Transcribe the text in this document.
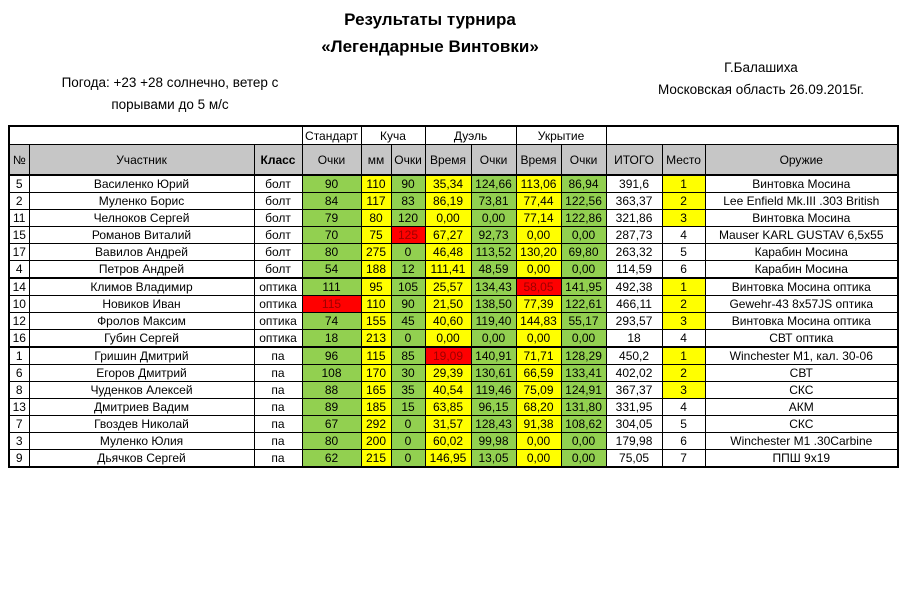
Результаты турнира
«Легендарные Винтовки»
Погода: +23 +28 солнечно, ветер с
порывами до 5 м/с
Г.Балашиха
Московская область 26.09.2015г.
			Стандарт	Куча		Дуэль		Укрытие				
№	Участник	Класс	Очки	мм	Очки	Время	Очки	Время	Очки	ИТОГО	Место	Оружие
5	Василенко Юрий	болт	90	110	90	35,34	124,66	113,06	86,94	391,6	1	Винтовка Мосина
2	Муленко Борис	болт	84	117	83	86,19	73,81	77,44	122,56	363,37	2	Lee Enfield Mk.III .303 British
11	Челноков Сергей	болт	79	80	120	0,00	0,00	77,14	122,86	321,86	3	Винтовка Мосина
15	Романов Виталий	болт	70	75	125	67,27	92,73	0,00	0,00	287,73	4	Mauser KARL GUSTAV 6,5x55
17	Вавилов Андрей	болт	80	275	0	46,48	113,52	130,20	69,80	263,32	5	Карабин Мосина
4	Петров Андрей	болт	54	188	12	111,41	48,59	0,00	0,00	114,59	6	Карабин Мосина
14	Климов Владимир	оптика	111	95	105	25,57	134,43	58,05	141,95	492,38	1	Винтовка Мосина оптика
10	Новиков Иван	оптика	115	110	90	21,50	138,50	77,39	122,61	466,11	2	Gewehr-43 8x57JS оптика
12	Фролов Максим	оптика	74	155	45	40,60	119,40	144,83	55,17	293,57	3	Винтовка Мосина оптика
16	Губин Сергей	оптика	18	213	0	0,00	0,00	0,00	0,00	18	4	СВТ оптика
1	Гришин Дмитрий	па	96	115	85	19,09	140,91	71,71	128,29	450,2	1	Winchester M1, кал. 30-06
6	Егоров Дмитрий	па	108	170	30	29,39	130,61	66,59	133,41	402,02	2	СВТ
8	Чуденков Алексей	па	88	165	35	40,54	119,46	75,09	124,91	367,37	3	СКС
13	Дмитриев Вадим	па	89	185	15	63,85	96,15	68,20	131,80	331,95	4	АКМ
7	Гвоздев Николай	па	67	292	0	31,57	128,43	91,38	108,62	304,05	5	СКС
3	Муленко Юлия	па	80	200	0	60,02	99,98	0,00	0,00	179,98	6	Winchester M1 .30Carbine
9	Дьячков Сергей	па	62	215	0	146,95	13,05	0,00	0,00	75,05	7	ППШ 9x19
